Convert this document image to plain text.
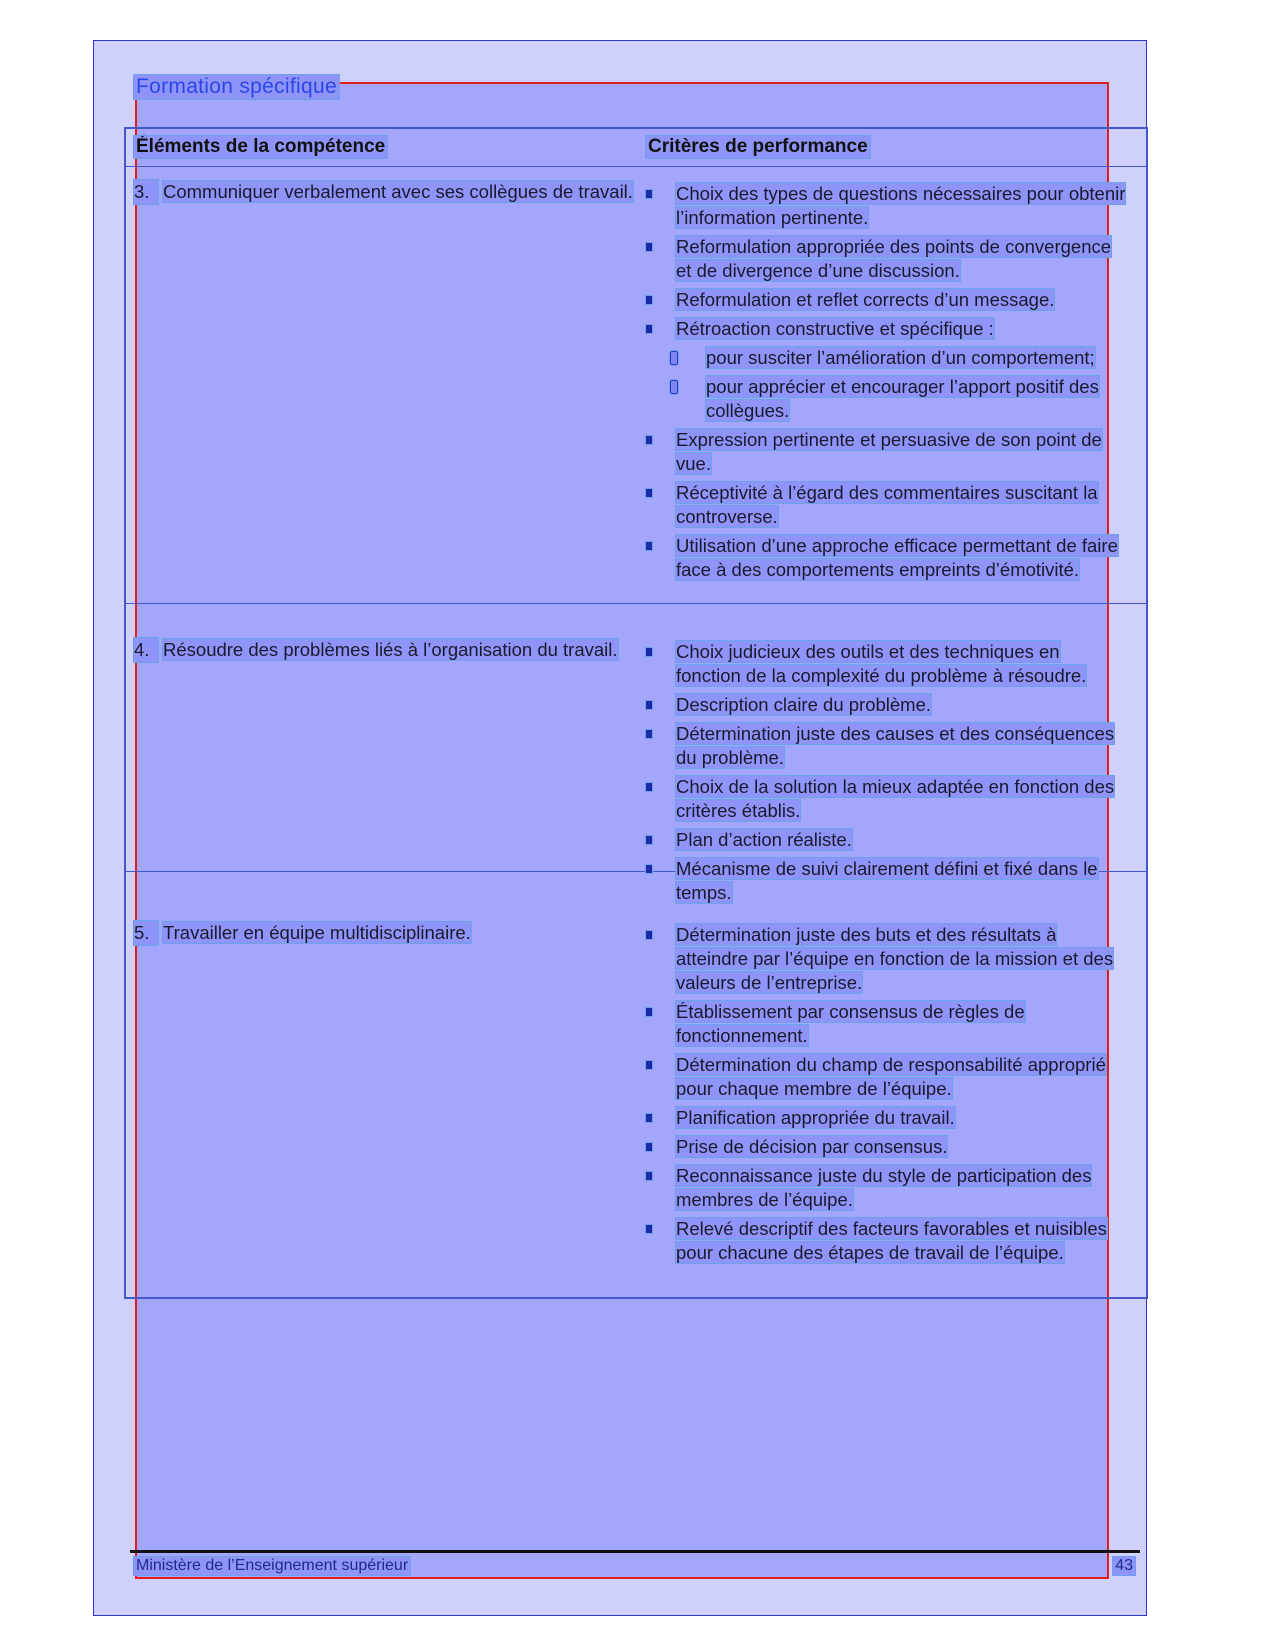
Formation spécifique
Éléments de la compétence	Critères de performance
3. Communiquer verbalement avec ses collègues de travail.	Choix des types de questions nécessaires pour obtenir l’information pertinente.
Reformulation appropriée des points de convergence et de divergence d’une discussion.
Reformulation et reflet corrects d’un message.
Rétroaction constructive et spécifique :
pour susciter l’amélioration d’un comportement;
pour apprécier et encourager l’apport positif des collègues.
Expression pertinente et persuasive de son point de vue.
Réceptivité à l’égard des commentaires suscitant la controverse.
Utilisation d’une approche efficace permettant de faire face à des comportements empreints d’émotivité.
4. Résoudre des problèmes liés à l’organisation du travail.	Choix judicieux des outils et des techniques en fonction de la complexité du problème à résoudre.
Description claire du problème.
Détermination juste des causes et des conséquences du problème.
Choix de la solution la mieux adaptée en fonction des critères établis.
Plan d’action réaliste.
Mécanisme de suivi clairement défini et fixé dans le temps.
5. Travailler en équipe multidisciplinaire.	Détermination juste des buts et des résultats à atteindre par l’équipe en fonction de la mission et des valeurs de l’entreprise.
Établissement par consensus de règles de fonctionnement.
Détermination du champ de responsabilité approprié pour chaque membre de l’équipe.
Planification appropriée du travail.
Prise de décision par consensus.
Reconnaissance juste du style de participation des membres de l’équipe.
Relevé descriptif des facteurs favorables et nuisibles pour chacune des étapes de travail de l’équipe.
Ministère de l’Enseignement supérieur	43
